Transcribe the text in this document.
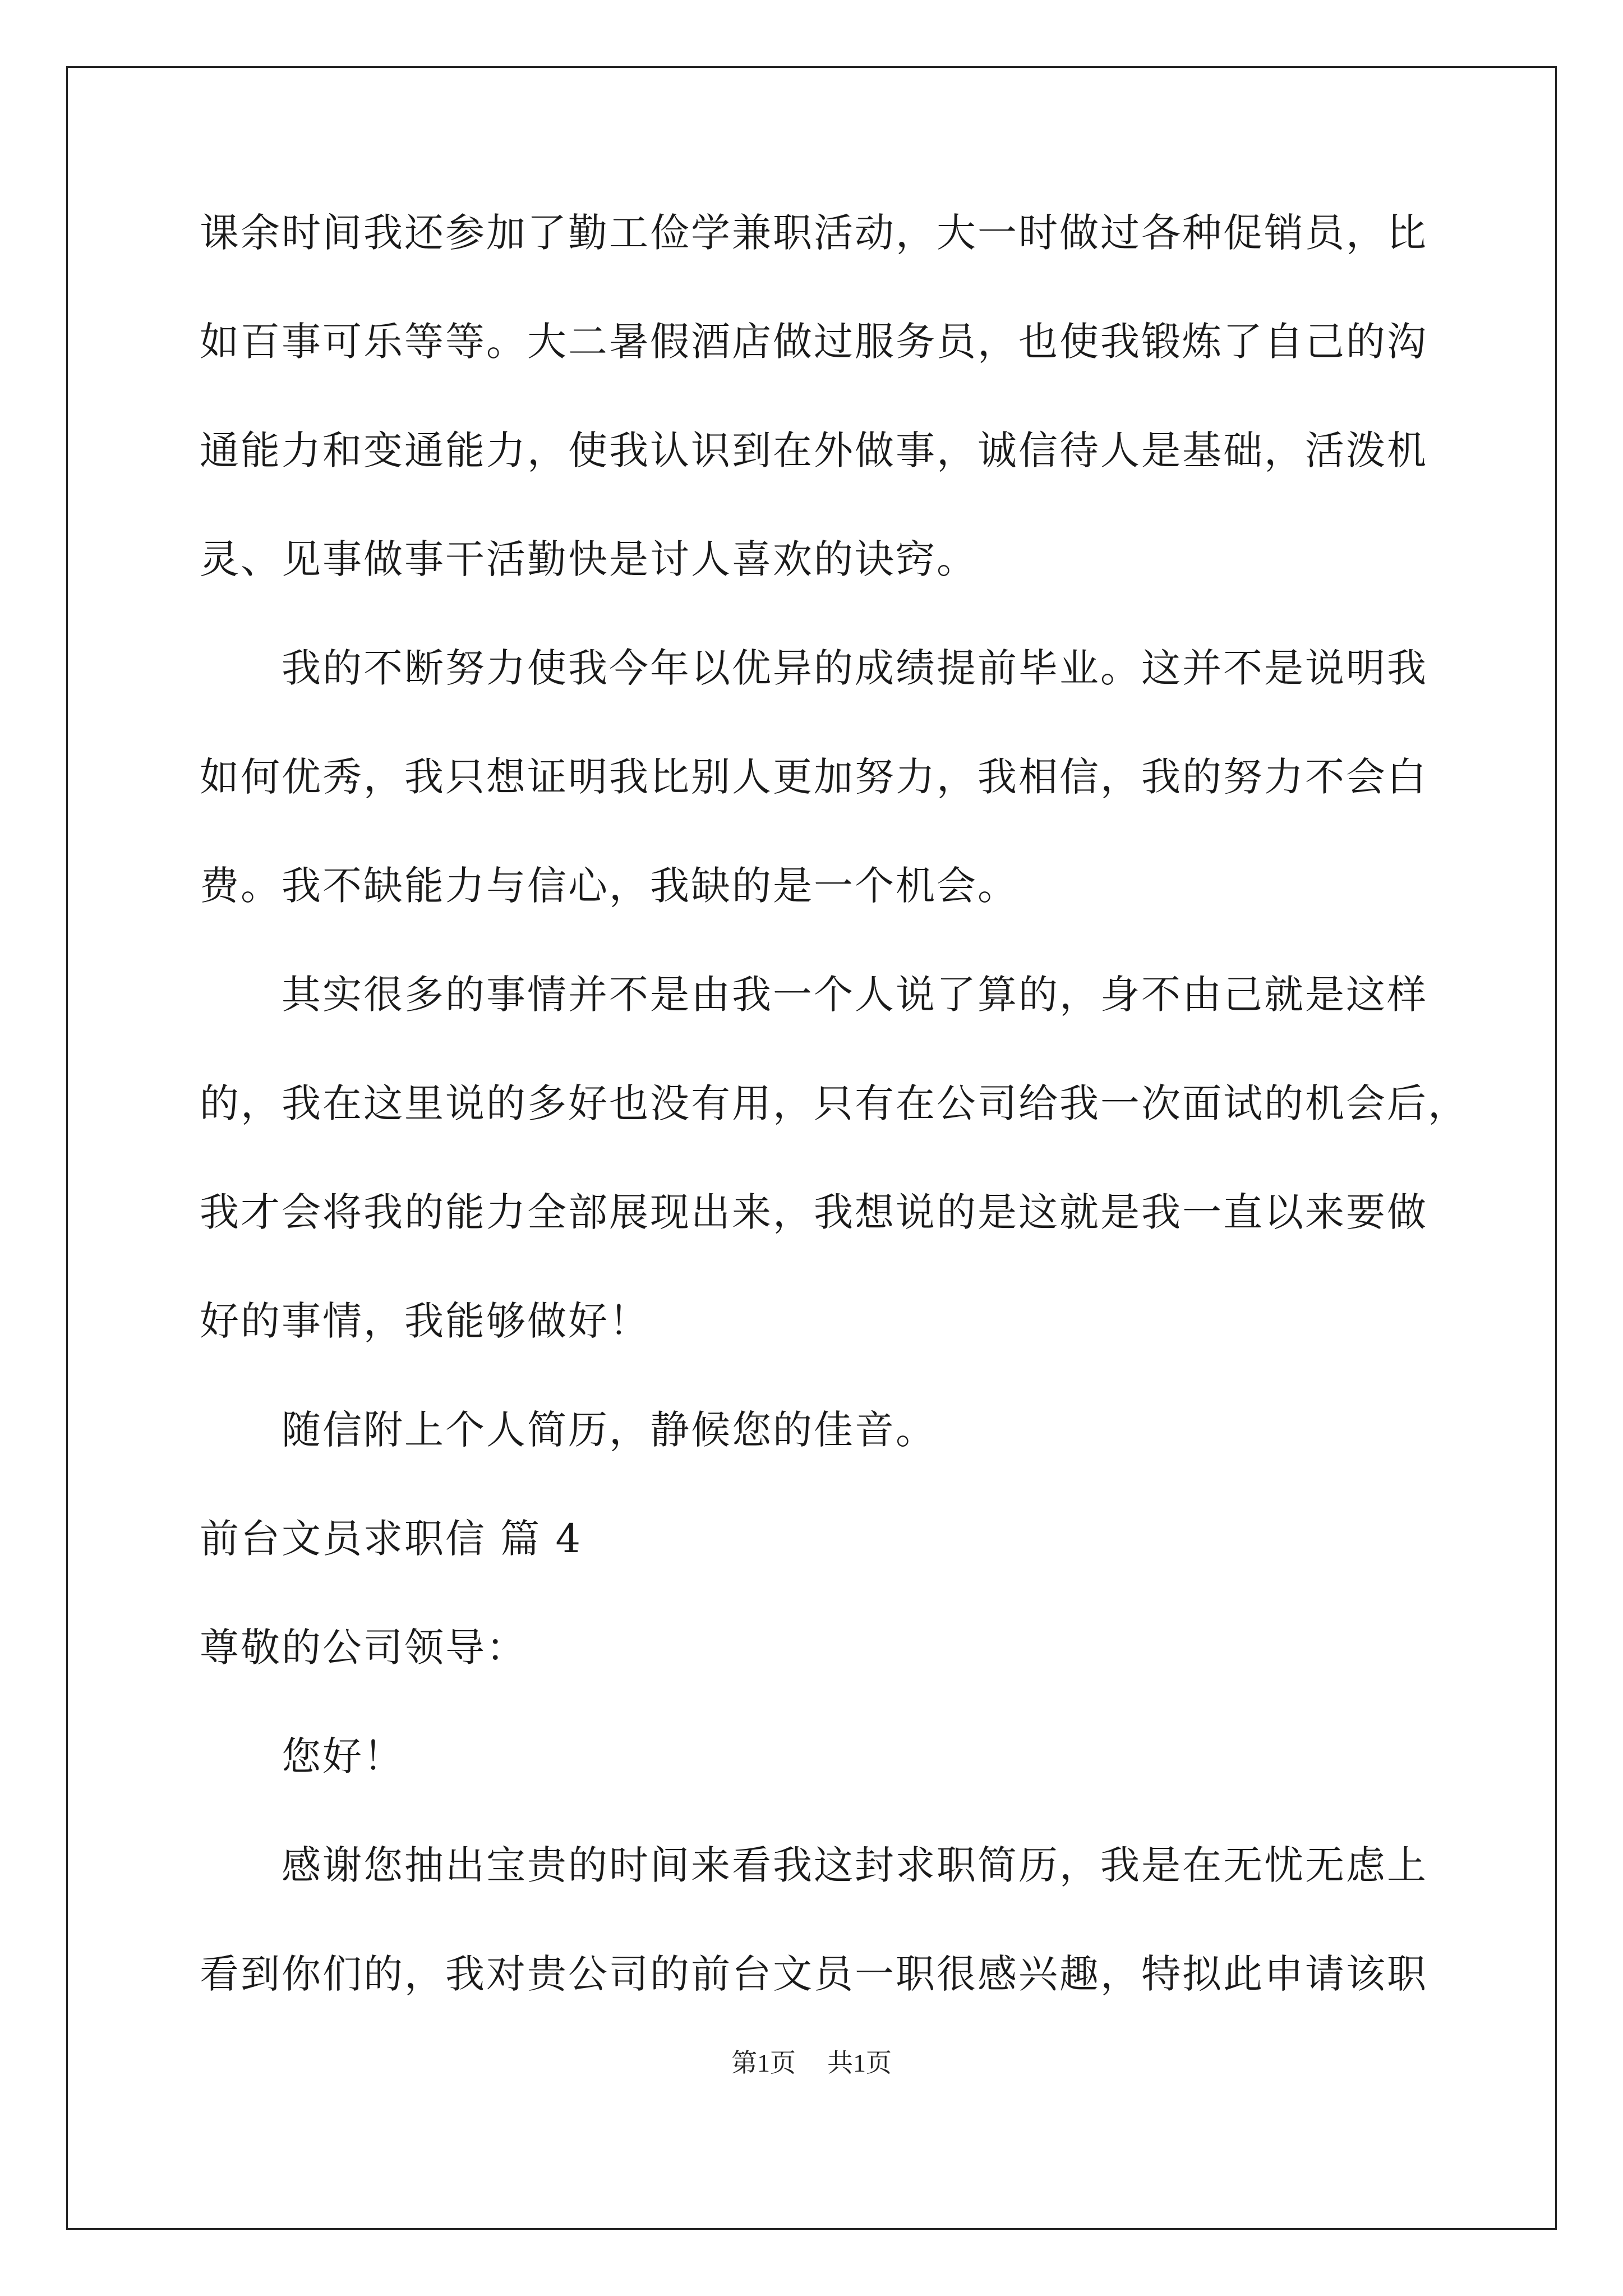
课余时间我还参加了勤工俭学兼职活动，大一时做过各种促销员，比
如百事可乐等等。大二暑假酒店做过服务员，也使我锻炼了自己的沟
通能力和变通能力，使我认识到在外做事，诚信待人是基础，活泼机
灵、见事做事干活勤快是讨人喜欢的诀窍。
我的不断努力使我今年以优异的成绩提前毕业。这并不是说明我
如何优秀，我只想证明我比别人更加努力，我相信，我的努力不会白
费。我不缺能力与信心，我缺的是一个机会。
其实很多的事情并不是由我一个人说了算的，身不由己就是这样
的，我在这里说的多好也没有用，只有在公司给我一次面试的机会后，
我才会将我的能力全部展现出来，我想说的是这就是我一直以来要做
好的事情，我能够做好！
随信附上个人简历，静候您的佳音。
前台文员求职信 篇 4
尊敬的公司领导：
您好！
感谢您抽出宝贵的时间来看我这封求职简历，我是在无忧无虑上
看到你们的，我对贵公司的前台文员一职很感兴趣，特拟此申请该职
第1页 共1页
